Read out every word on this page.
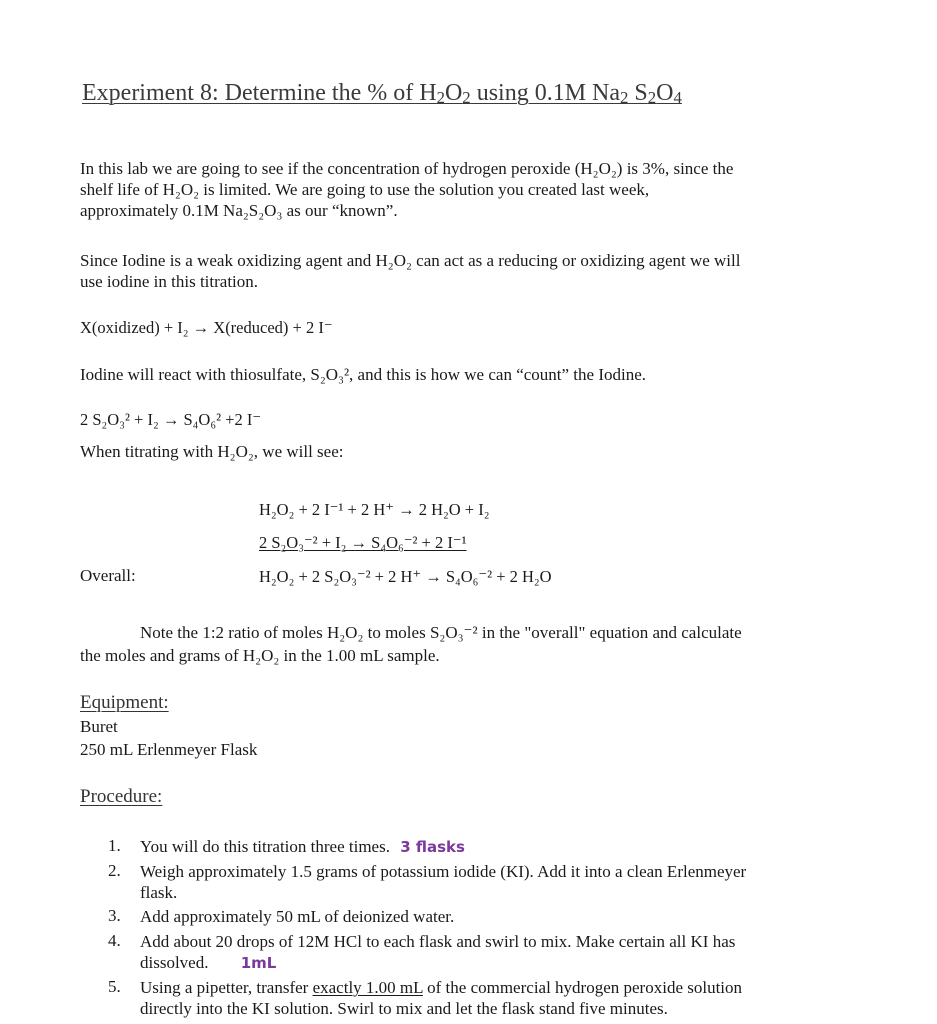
Experiment 8: Determine the % of H2O2 using 0.1M Na2 S2O4
In this lab we are going to see if the concentration of hydrogen peroxide (H₂O₂) is 3%, since the
shelf life of H₂O₂ is limited. We are going to use the solution you created last week,
approximately 0.1M Na₂S₂O₃ as our “known”.
Since Iodine is a weak oxidizing agent and H₂O₂ can act as a reducing or oxidizing agent we will
use iodine in this titration.
X(oxidized) + I₂ → X(reduced) + 2 I⁻
Iodine will react with thiosulfate, S₂O₃², and this is how we can “count” the Iodine.
2 S₂O₃² + I₂ → S₄O₆² +2 I⁻
When titrating with H₂O₂, we will see:
H₂O₂ + 2 I⁻¹ + 2 H⁺ → 2 H₂O + I₂
2 S₂O₃⁻² + I₂ → S₄O₆⁻² + 2 I⁻¹
Overall:	H₂O₂ + 2 S₂O₃⁻² + 2 H⁺ → S₄O₆⁻² + 2 H₂O
Note the 1:2 ratio of moles H₂O₂ to moles S₂O₃⁻² in the "overall" equation and calculate
the moles and grams of H₂O₂ in the 1.00 mL sample.
Equipment:
Buret
250 mL Erlenmeyer Flask
Procedure:
1. You will do this titration three times. 3 flasks
2. Weigh approximately 1.5 grams of potassium iodide (KI). Add it into a clean Erlenmeyer
flask.
3. Add approximately 50 mL of deionized water.
4. Add about 20 drops of 12M HCl to each flask and swirl to mix. Make certain all KI has
dissolved. 1mL
5. Using a pipetter, transfer exactly 1.00 mL of the commercial hydrogen peroxide solution
directly into the KI solution. Swirl to mix and let the flask stand five minutes.
